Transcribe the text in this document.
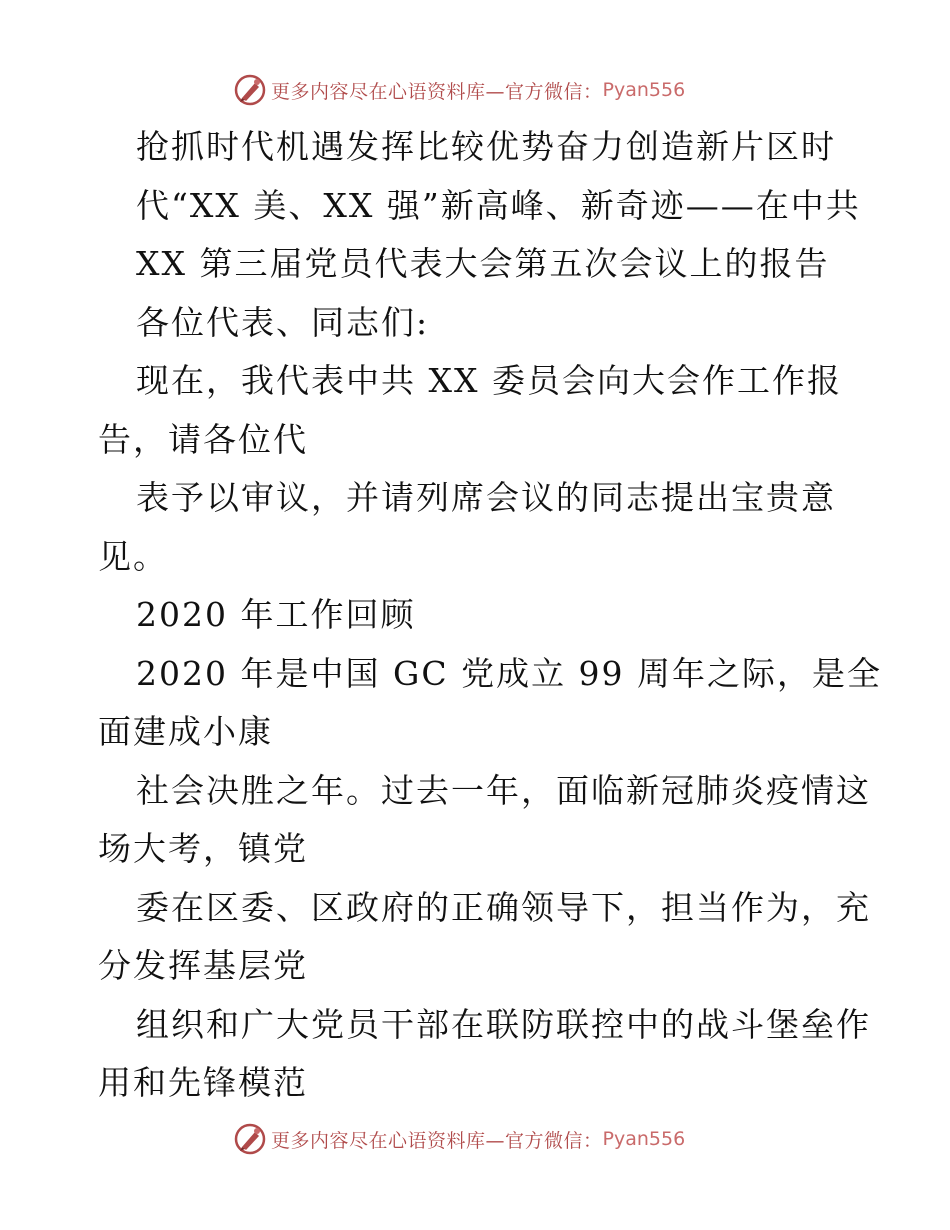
更多内容尽在心语资料库—官方微信： Pyan556
抢抓时代机遇发挥比较优势奋力创造新片区时
代“XX 美、XX 强”新高峰、新奇迹——在中共
XX 第三届党员代表大会第五次会议上的报告
各位代表、同志们:
现在，我代表中共 XX 委员会向大会作工作报
告，请各位代
表予以审议，并请列席会议的同志提出宝贵意
见。
2020 年工作回顾
2020 年是中国 GC 党成立 99 周年之际，是全
面建成小康
社会决胜之年。过去一年，面临新冠肺炎疫情这
场大考，镇党
委在区委、区政府的正确领导下，担当作为，充
分发挥基层党
组织和广大党员干部在联防联控中的战斗堡垒作
用和先锋模范
更多内容尽在心语资料库—官方微信： Pyan556
